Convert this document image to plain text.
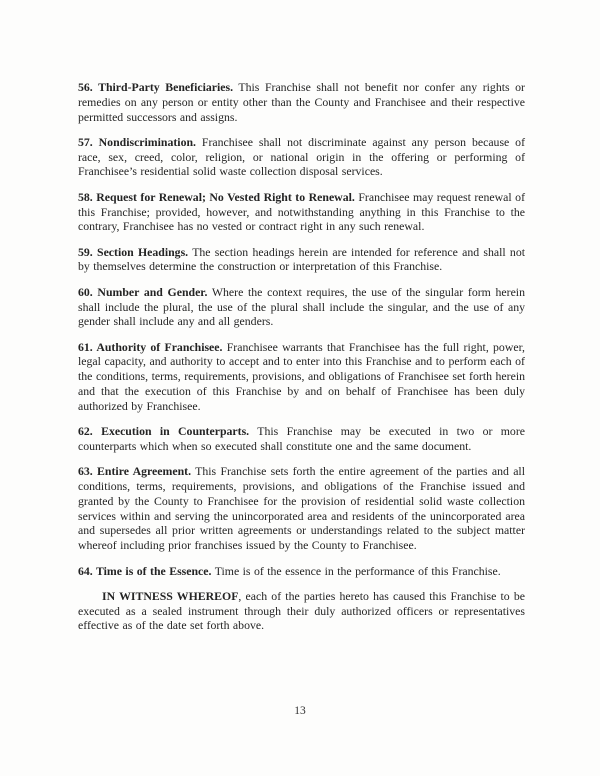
56. Third-Party Beneficiaries. This Franchise shall not benefit nor confer any rights or remedies on any person or entity other than the County and Franchisee and their respective permitted successors and assigns.

57. Nondiscrimination. Franchisee shall not discriminate against any person because of race, sex, creed, color, religion, or national origin in the offering or performing of Franchisee’s residential solid waste collection disposal services.

58. Request for Renewal; No Vested Right to Renewal. Franchisee may request renewal of this Franchise; provided, however, and notwithstanding anything in this Franchise to the contrary, Franchisee has no vested or contract right in any such renewal.

59. Section Headings. The section headings herein are intended for reference and shall not by themselves determine the construction or interpretation of this Franchise.

60. Number and Gender. Where the context requires, the use of the singular form herein shall include the plural, the use of the plural shall include the singular, and the use of any gender shall include any and all genders.

61. Authority of Franchisee. Franchisee warrants that Franchisee has the full right, power, legal capacity, and authority to accept and to enter into this Franchise and to perform each of the conditions, terms, requirements, provisions, and obligations of Franchisee set forth herein and that the execution of this Franchise by and on behalf of Franchisee has been duly authorized by Franchisee.

62. Execution in Counterparts. This Franchise may be executed in two or more counterparts which when so executed shall constitute one and the same document.

63. Entire Agreement. This Franchise sets forth the entire agreement of the parties and all conditions, terms, requirements, provisions, and obligations of the Franchise issued and granted by the County to Franchisee for the provision of residential solid waste collection services within and serving the unincorporated area and residents of the unincorporated area and supersedes all prior written agreements or understandings related to the subject matter whereof including prior franchises issued by the County to Franchisee.

64. Time is of the Essence. Time is of the essence in the performance of this Franchise.

IN WITNESS WHEREOF, each of the parties hereto has caused this Franchise to be executed as a sealed instrument through their duly authorized officers or representatives effective as of the date set forth above.

13
